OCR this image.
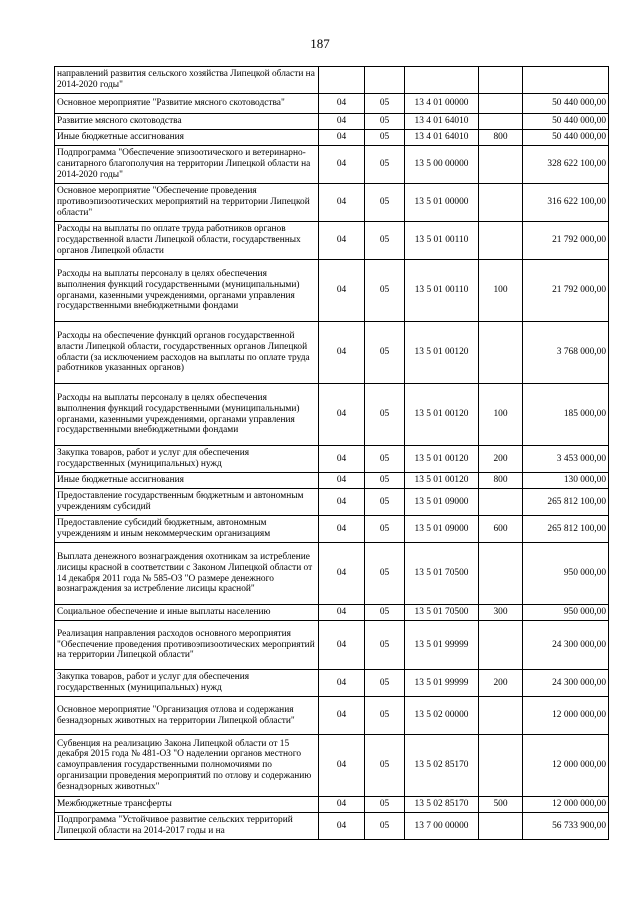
187
направлений развития сельского хозяйства Липецкой области на 2014-2020 годы"					
Основное мероприятие "Развитие мясного скотоводства"	04	05	13 4 01 00000		50 440 000,00
Развитие мясного скотоводства	04	05	13 4 01 64010		50 440 000,00
Иные бюджетные ассигнования	04	05	13 4 01 64010	800	50 440 000,00
Подпрограмма "Обеспечение эпизоотического и ветеринарно-санитарного благополучия на территории Липецкой области на 2014-2020 годы"	04	05	13 5 00 00000		328 622 100,00
Основное мероприятие "Обеспечение проведения противоэпизоотических мероприятий на территории Липецкой области"	04	05	13 5 01 00000		316 622 100,00
Расходы на выплаты по оплате труда работников органов государственной власти Липецкой области, государственных органов Липецкой области	04	05	13 5 01 00110		21 792 000,00
Расходы на выплаты персоналу в целях обеспечения выполнения функций государственными (муниципальными) органами, казенными учреждениями, органами управления государственными внебюджетными фондами	04	05	13 5 01 00110	100	21 792 000,00
Расходы на обеспечение функций органов государственной власти Липецкой области, государственных органов Липецкой области (за исключением расходов на выплаты по оплате труда работников указанных органов)	04	05	13 5 01 00120		3 768 000,00
Расходы на выплаты персоналу в целях обеспечения выполнения функций государственными (муниципальными) органами, казенными учреждениями, органами управления государственными внебюджетными фондами	04	05	13 5 01 00120	100	185 000,00
Закупка товаров, работ и услуг для обеспечения государственных (муниципальных) нужд	04	05	13 5 01 00120	200	3 453 000,00
Иные бюджетные ассигнования	04	05	13 5 01 00120	800	130 000,00
Предоставление государственным бюджетным и автономным учреждениям субсидий	04	05	13 5 01 09000		265 812 100,00
Предоставление субсидий бюджетным, автономным учреждениям и иным некоммерческим организациям	04	05	13 5 01 09000	600	265 812 100,00
Выплата денежного вознаграждения охотникам за истребление лисицы красной в соответствии с Законом Липецкой области от 14 декабря 2011 года № 585-ОЗ "О размере денежного вознаграждения за истребление лисицы красной"	04	05	13 5 01 70500		950 000,00
Социальное обеспечение и иные выплаты населению	04	05	13 5 01 70500	300	950 000,00
Реализация направления расходов основного мероприятия "Обеспечение проведения противоэпизоотических мероприятий на территории Липецкой области"	04	05	13 5 01 99999		24 300 000,00
Закупка товаров, работ и услуг для обеспечения государственных (муниципальных) нужд	04	05	13 5 01 99999	200	24 300 000,00
Основное мероприятие "Организация отлова и содержания безнадзорных животных на территории Липецкой области"	04	05	13 5 02 00000		12 000 000,00
Субвенция на реализацию Закона Липецкой области от 15 декабря 2015 года № 481-ОЗ "О наделении органов местного самоуправления государственными полномочиями по организации проведения мероприятий по отлову и содержанию безнадзорных животных"	04	05	13 5 02 85170		12 000 000,00
Межбюджетные трансферты	04	05	13 5 02 85170	500	12 000 000,00
Подпрограмма "Устойчивое развитие сельских территорий Липецкой области на 2014-2017 годы и на	04	05	13 7 00 00000		56 733 900,00
